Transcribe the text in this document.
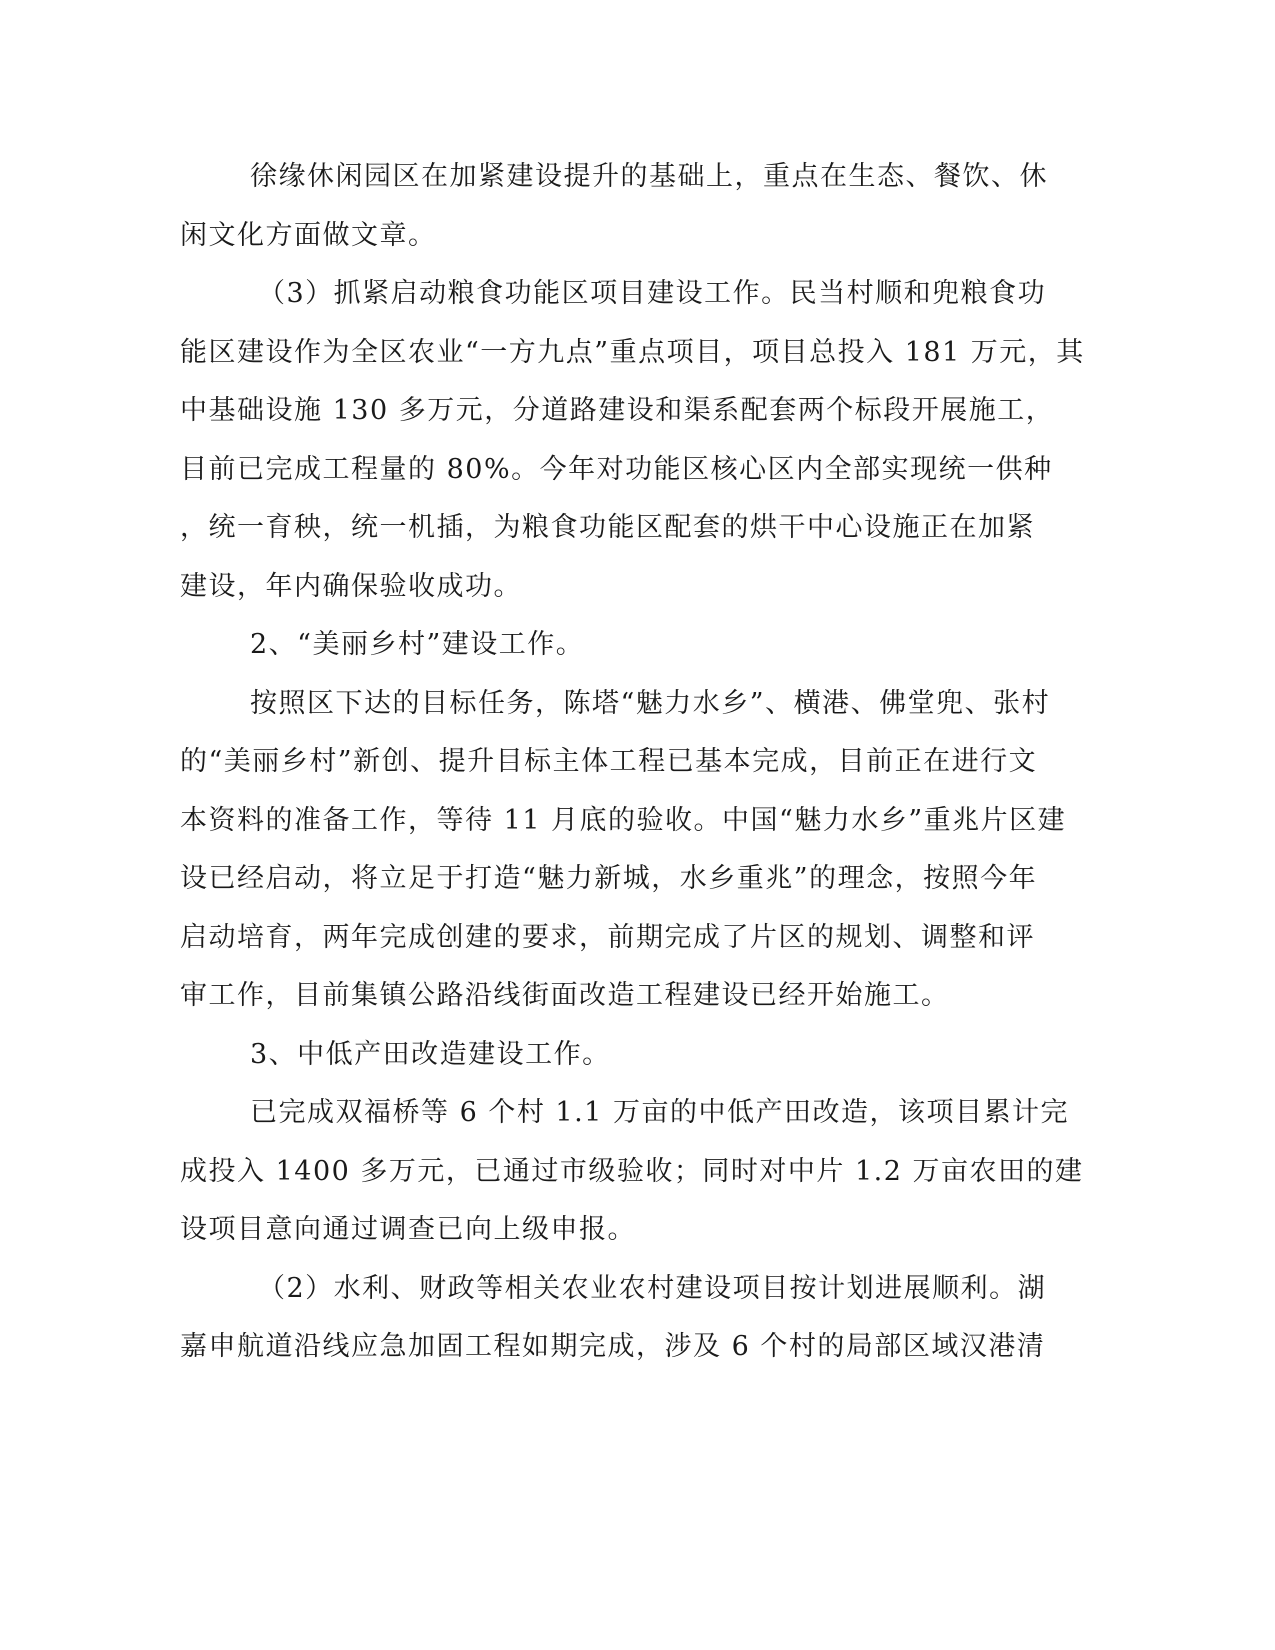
徐缘休闲园区在加紧建设提升的基础上，重点在生态、餐饮、休
闲文化方面做文章。
（3）抓紧启动粮食功能区项目建设工作。民当村顺和兜粮食功
能区建设作为全区农业“一方九点”重点项目，项目总投入 181 万元，其
中基础设施 130 多万元，分道路建设和渠系配套两个标段开展施工，
目前已完成工程量的 80%。今年对功能区核心区内全部实现统一供种
，统一育秧，统一机插，为粮食功能区配套的烘干中心设施正在加紧
建设，年内确保验收成功。
2、“美丽乡村”建设工作。
按照区下达的目标任务，陈塔“魅力水乡”、横港、佛堂兜、张村
的“美丽乡村”新创、提升目标主体工程已基本完成，目前正在进行文
本资料的准备工作，等待 11 月底的验收。中国“魅力水乡”重兆片区建
设已经启动，将立足于打造“魅力新城，水乡重兆”的理念，按照今年
启动培育，两年完成创建的要求，前期完成了片区的规划、调整和评
审工作，目前集镇公路沿线街面改造工程建设已经开始施工。
3、中低产田改造建设工作。
已完成双福桥等 6 个村 1.1 万亩的中低产田改造，该项目累计完
成投入 1400 多万元，已通过市级验收；同时对中片 1.2 万亩农田的建
设项目意向通过调查已向上级申报。
（2）水利、财政等相关农业农村建设项目按计划进展顺利。湖
嘉申航道沿线应急加固工程如期完成，涉及 6 个村的局部区域汉港清
